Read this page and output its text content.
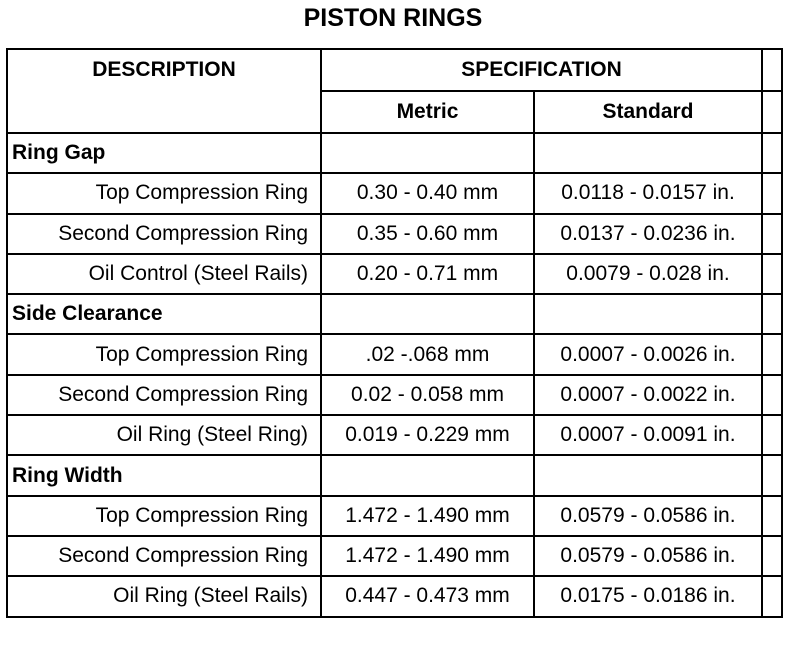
PISTON RINGS
DESCRIPTION	SPECIFICATION		
	Metric	Standard	
Ring Gap			
Top Compression Ring	0.30 - 0.40 mm	0.0118 - 0.0157 in.	
Second Compression Ring	0.35 - 0.60 mm	0.0137 - 0.0236 in.	
Oil Control (Steel Rails)	0.20 - 0.71 mm	0.0079 - 0.028 in.	
Side Clearance			
Top Compression Ring	.02 -.068 mm	0.0007 - 0.0026 in.	
Second Compression Ring	0.02 - 0.058 mm	0.0007 - 0.0022 in.	
Oil Ring (Steel Ring)	0.019 - 0.229 mm	0.0007 - 0.0091 in.	
Ring Width			
Top Compression Ring	1.472 - 1.490 mm	0.0579 - 0.0586 in.	
Second Compression Ring	1.472 - 1.490 mm	0.0579 - 0.0586 in.	
Oil Ring (Steel Rails)	0.447 - 0.473 mm	0.0175 - 0.0186 in.	
